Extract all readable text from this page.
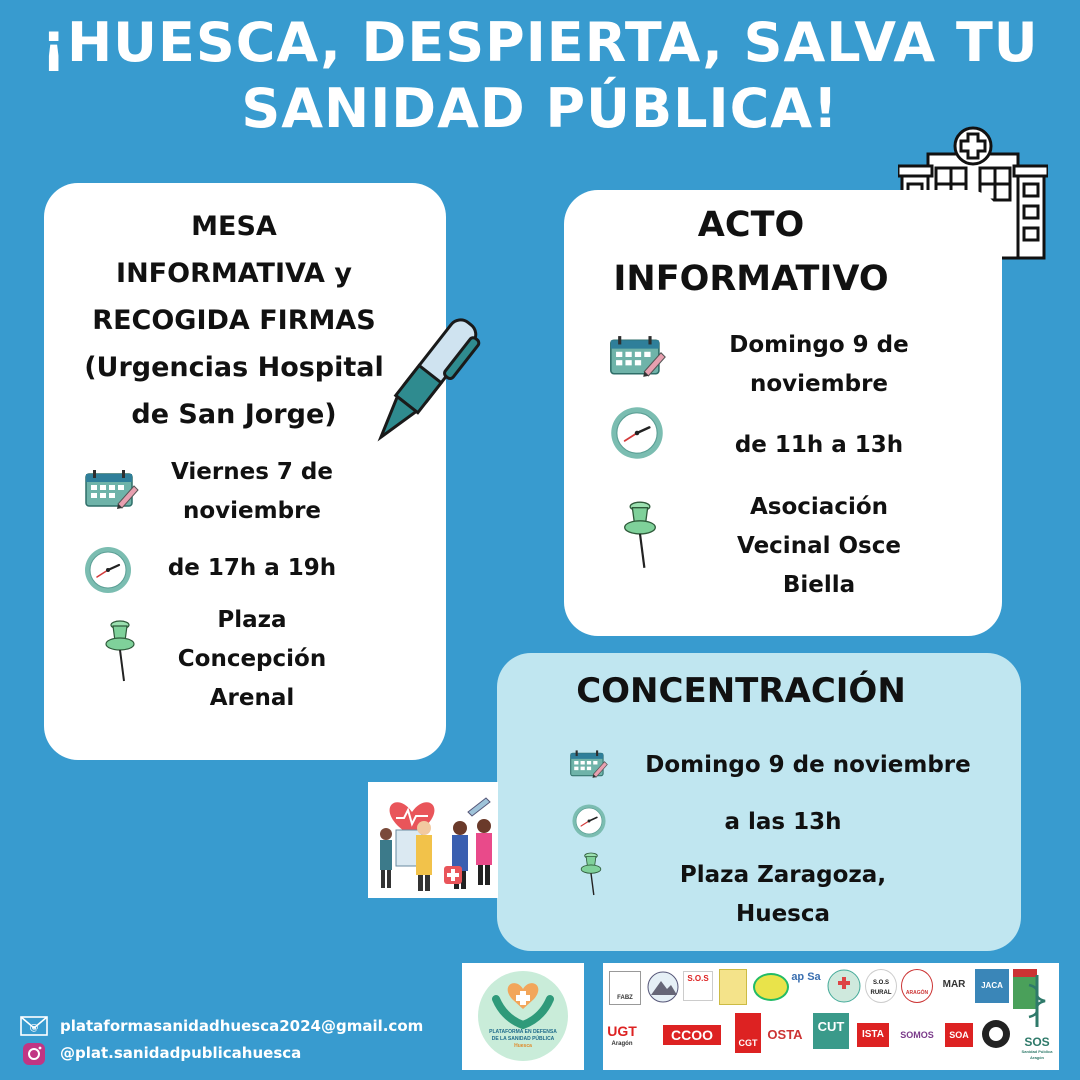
¡HUESCA, DESPIERTA, SALVA TU
SANIDAD PÚBLICA!
MESA
INFORMATIVA y
RECOGIDA FIRMAS
(Urgencias Hospital
de San Jorge)
Viernes 7 de
noviembre
de 17h a 19h
Plaza
Concepción
Arenal
ACTO
INFORMATIVO
Domingo 9 de
noviembre
de 11h a 13h
Asociación
Vecinal Osce
Biella
CONCENTRACIÓN
Domingo 9 de noviembre
a las 13h
Plaza Zaragoza,
Huesca
@ plataformasanidadhuesca2024@gmail.com
@plat.sanidadpublicahuesca
PLATAFORMA EN DEFENSA
DE LA SANIDAD PÚBLICA
Huesca
FABZ
S.O.S	ap Sa	S.O.S RURAL	ARAGÓN
MAR	JACA
UGT
Aragón
CCOO	CGT
OSTA
CUT
ISTA	SOMOS	SOA	SOS
Sanidad Pública Aragón
